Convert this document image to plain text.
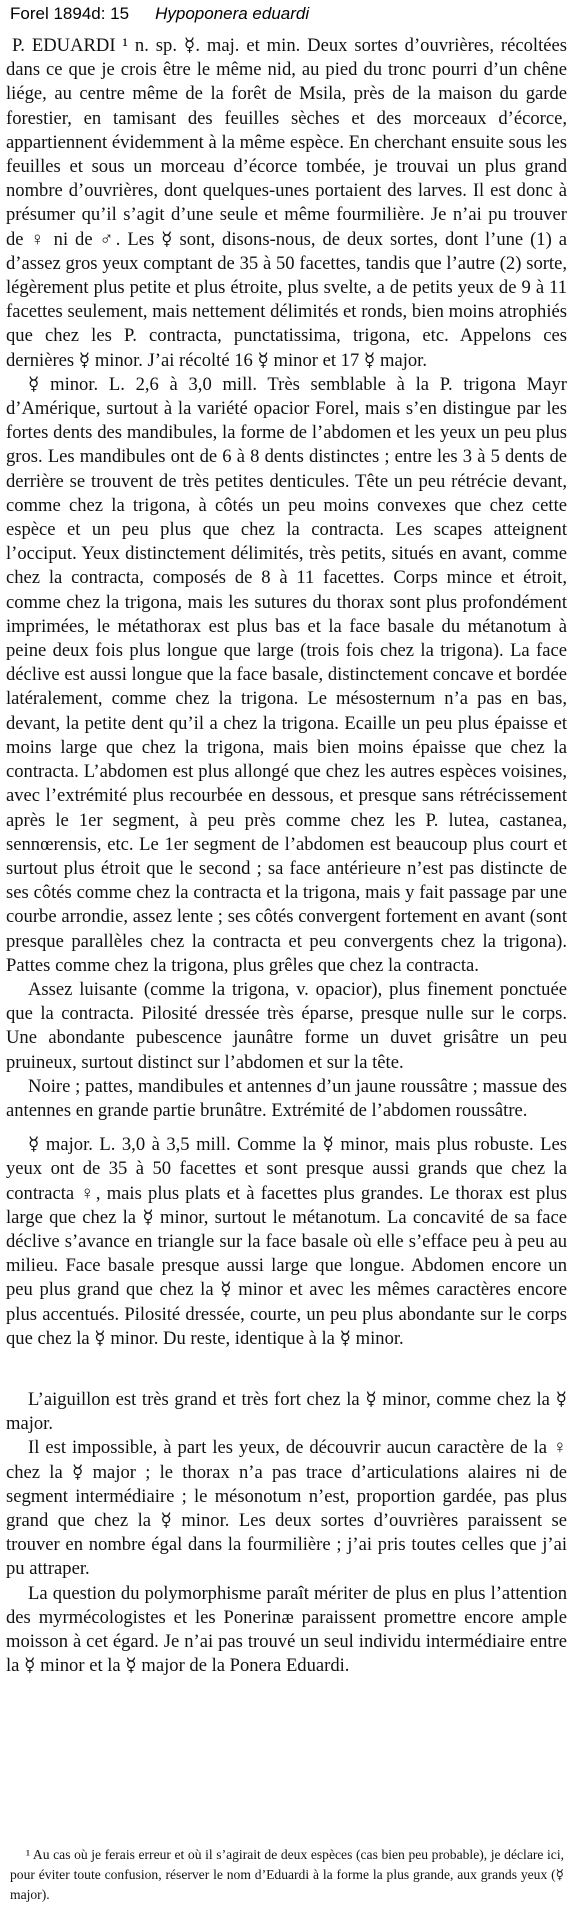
Forel 1894d: 15 Hypoponera eduardi

P. EDUARDI ¹ n. sp. ☿. maj. et min. Deux sortes d’ouvrières, récoltées dans ce que je crois être le même nid, au pied du tronc pourri d’un chêne liége, au centre même de la forêt de Msila, près de la maison du garde forestier, en tamisant des feuilles sèches et des morceaux d’écorce, appartiennent évidemment à la même espèce. En cherchant ensuite sous les feuilles et sous un morceau d’écorce tombée, je trouvai un plus grand nombre d’ouvrières, dont quelques-unes portaient des larves. Il est donc à présumer qu’il s’agit d’une seule et même fourmilière. Je n’ai pu trouver de ♀ ni de ♂. Les ☿ sont, disons-nous, de deux sortes, dont l’une (1) a d’assez gros yeux comptant de 35 à 50 facettes, tandis que l’autre (2) sorte, légèrement plus petite et plus étroite, plus svelte, a de petits yeux de 9 à 11 facettes seulement, mais nettement délimités et ronds, bien moins atrophiés que chez les P. contracta, punctatissima, trigona, etc. Appelons ces dernières ☿ minor. J’ai récolté 16 ☿ minor et 17 ☿ major.

☿ minor. L. 2,6 à 3,0 mill. Très semblable à la P. trigona Mayr d’Amérique, surtout à la variété opacior Forel, mais s’en distingue par les fortes dents des mandibules, la forme de l’abdomen et les yeux un peu plus gros. Les mandibules ont de 6 à 8 dents distinctes ; entre les 3 à 5 dents de derrière se trouvent de très petites denticules. Tête un peu rétrécie devant, comme chez la trigona, à côtés un peu moins convexes que chez cette espèce et un peu plus que chez la contracta. Les scapes atteignent l’occiput. Yeux distinctement délimités, très petits, situés en avant, comme chez la contracta, composés de 8 à 11 facettes. Corps mince et étroit, comme chez la trigona, mais les sutures du thorax sont plus profondément imprimées, le métathorax est plus bas et la face basale du métanotum à peine deux fois plus longue que large (trois fois chez la trigona). La face déclive est aussi longue que la face basale, distinctement concave et bordée latéralement, comme chez la trigona. Le mésosternum n’a pas en bas, devant, la petite dent qu’il a chez la trigona. Ecaille un peu plus épaisse et moins large que chez la trigona, mais bien moins épaisse que chez la contracta. L’abdomen est plus allongé que chez les autres espèces voisines, avec l’extrémité plus recourbée en dessous, et presque sans rétrécissement après le 1er segment, à peu près comme chez les P. lutea, castanea, sennœrensis, etc. Le 1er segment de l’abdomen est beaucoup plus court et surtout plus étroit que le second ; sa face antérieure n’est pas distincte de ses côtés comme chez la contracta et la trigona, mais y fait passage par une courbe arrondie, assez lente ; ses côtés convergent fortement en avant (sont presque parallèles chez la contracta et peu convergents chez la trigona). Pattes comme chez la trigona, plus grêles que chez la contracta.

Assez luisante (comme la trigona, v. opacior), plus finement ponctuée que la contracta. Pilosité dressée très éparse, presque nulle sur le corps. Une abondante pubescence jaunâtre forme un duvet grisâtre un peu pruineux, surtout distinct sur l’abdomen et sur la tête.

Noire ; pattes, mandibules et antennes d’un jaune roussâtre ; massue des antennes en grande partie brunâtre. Extrémité de l’abdomen roussâtre.

☿ major. L. 3,0 à 3,5 mill. Comme la ☿ minor, mais plus robuste. Les yeux ont de 35 à 50 facettes et sont presque aussi grands que chez la contracta ♀, mais plus plats et à facettes plus grandes. Le thorax est plus large que chez la ☿ minor, surtout le métanotum. La concavité de sa face déclive s’avance en triangle sur la face basale où elle s’efface peu à peu au milieu. Face basale presque aussi large que longue. Abdomen encore un peu plus grand que chez la ☿ minor et avec les mêmes caractères encore plus accentués. Pilosité dressée, courte, un peu plus abondante sur le corps que chez la ☿ minor. Du reste, identique à la ☿ minor.

L’aiguillon est très grand et très fort chez la ☿ minor, comme chez la ☿ major.

Il est impossible, à part les yeux, de découvrir aucun caractère de la ♀ chez la ☿ major ; le thorax n’a pas trace d’articulations alaires ni de segment intermédiaire ; le mésonotum n’est, proportion gardée, pas plus grand que chez la ☿ minor. Les deux sortes d’ouvrières paraissent se trouver en nombre égal dans la fourmilière ; j’ai pris toutes celles que j’ai pu attraper.

La question du polymorphisme paraît mériter de plus en plus l’attention des myrmécologistes et les Ponerinæ paraissent promettre encore ample moisson à cet égard. Je n’ai pas trouvé un seul individu intermédiaire entre la ☿ minor et la ☿ major de la Ponera Eduardi.

¹ Au cas où je ferais erreur et où il s’agirait de deux espèces (cas bien peu probable), je déclare ici, pour éviter toute confusion, réserver le nom d’Eduardi à la forme la plus grande, aux grands yeux (☿ major).
